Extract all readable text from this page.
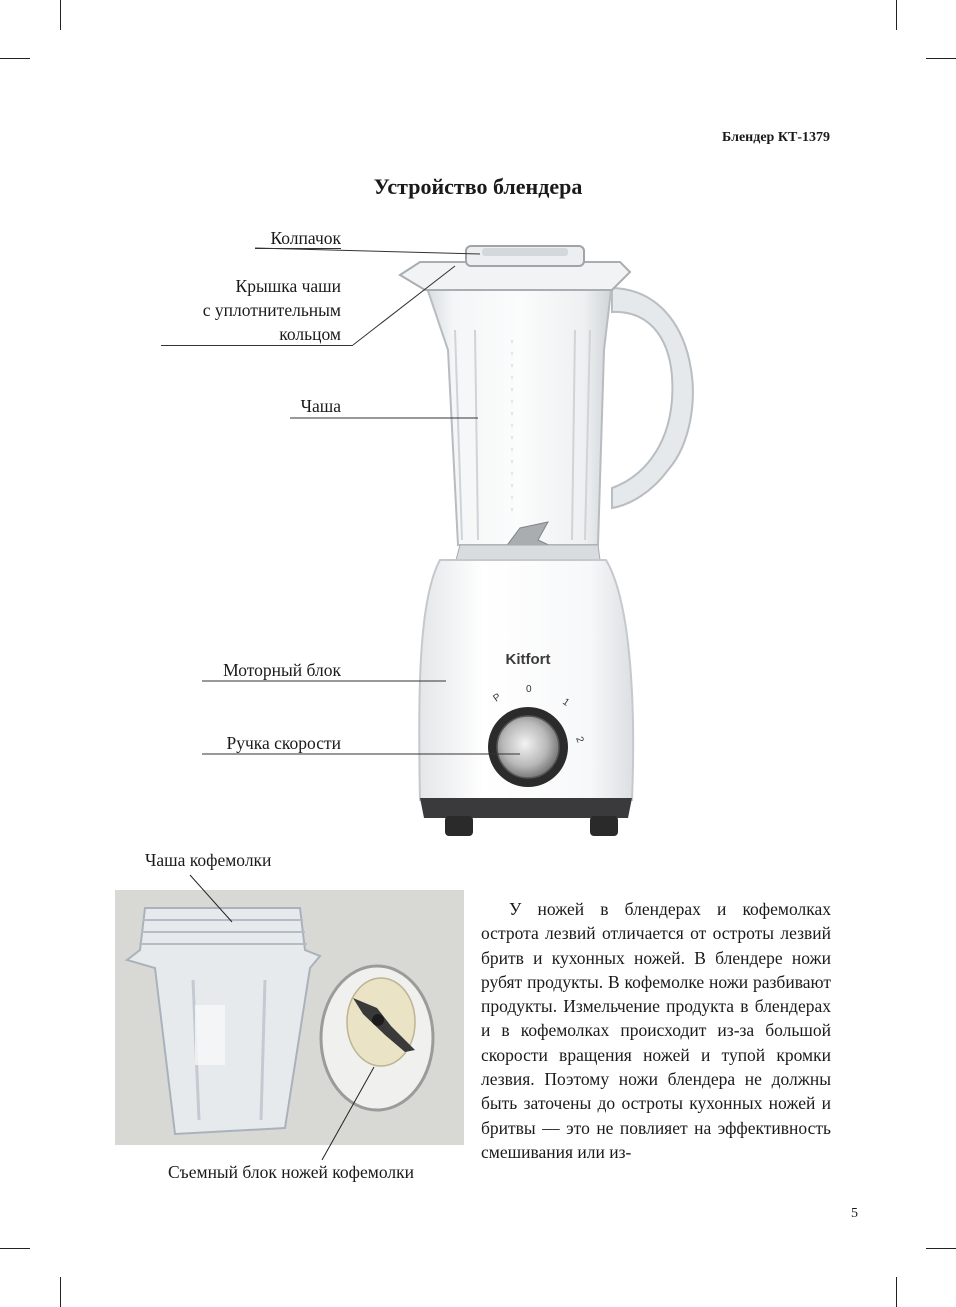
Блендер КТ-1379
Устройство блендера
Kitfort
P
0
1
2
Колпачок
Крышка чаши
с уплотнительным
кольцом
Чаша
Моторный блок
Ручка скорости
Чаша кофемолки
Съемный блок ножей кофемолки
У ножей в блендерах и кофемолках острота лезвий отличается от остроты лезвий бритв и кухонных ножей. В блендере ножи рубят продукты. В кофемолке ножи разбивают продукты. Измельчение продукта в блендерах и в кофемолках происходит из-за большой скорости вращения ножей и тупой кромки лезвия. Поэтому ножи блендера не должны быть заточены до остроты кухонных ножей и бритвы — это не повлияет на эффективность смешивания или из-
5
